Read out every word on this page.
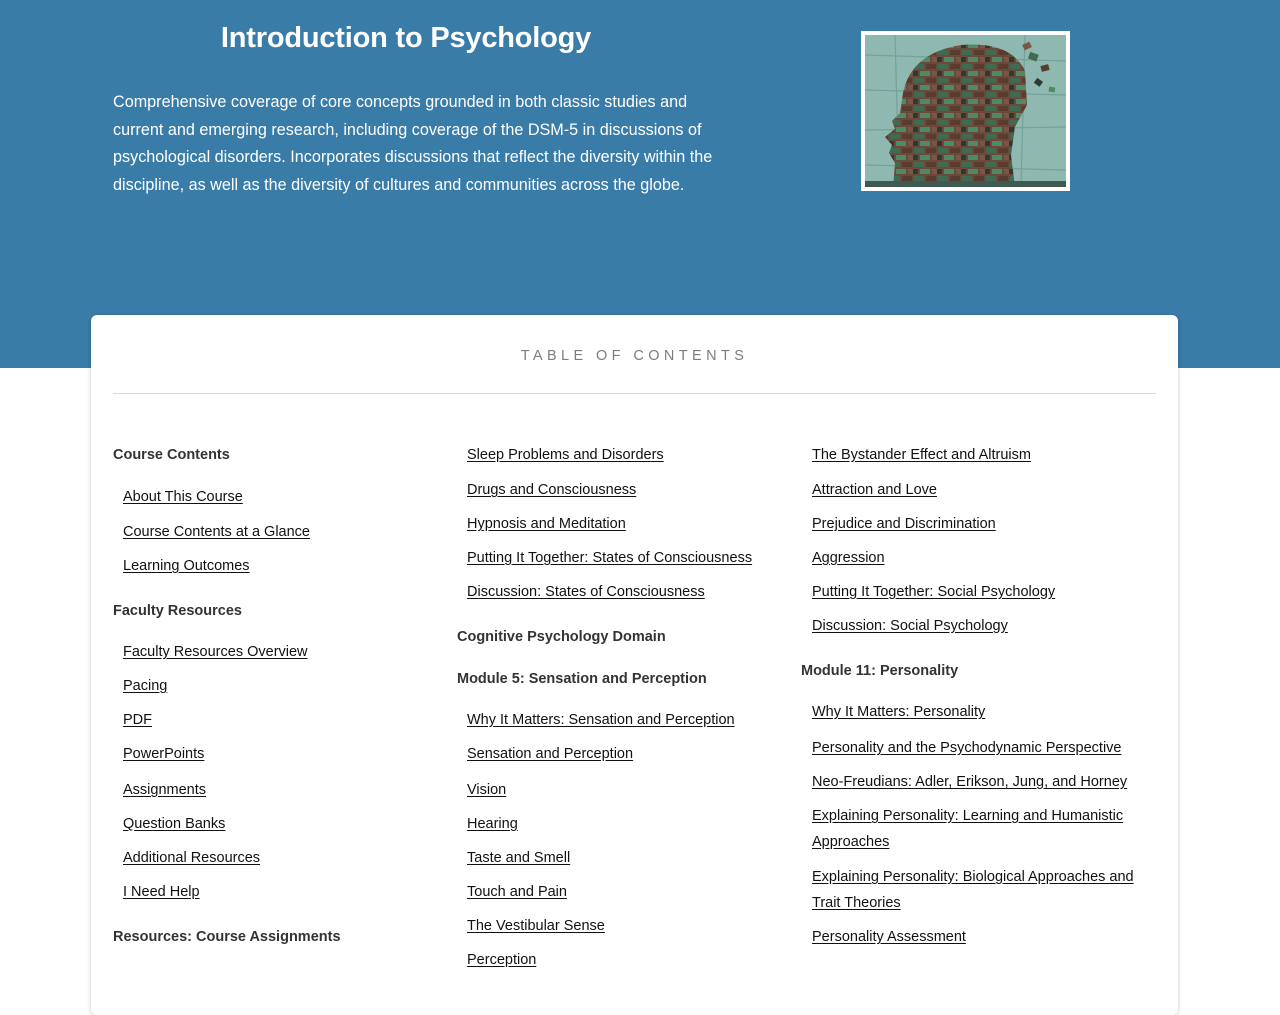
Introduction to Psychology

Comprehensive coverage of core concepts grounded in both classic studies and current and emerging research, including coverage of the DSM-5 in discussions of psychological disorders. Incorporates discussions that reflect the diversity within the discipline, as well as the diversity of cultures and communities across the globe.

TABLE OF CONTENTS
Course Contents
About This Course
Course Contents at a Glance
Learning Outcomes
Faculty Resources
Faculty Resources Overview
Pacing
PDF
PowerPoints
Assignments
Question Banks
Additional Resources
I Need Help
Resources: Course Assignments
Sleep Problems and Disorders
Drugs and Consciousness
Hypnosis and Meditation
Putting It Together: States of Consciousness
Discussion: States of Consciousness
Cognitive Psychology Domain
Module 5: Sensation and Perception
Why It Matters: Sensation and Perception
Sensation and Perception
Vision
Hearing
Taste and Smell
Touch and Pain
The Vestibular Sense
Perception
The Bystander Effect and Altruism
Attraction and Love
Prejudice and Discrimination
Aggression
Putting It Together: Social Psychology
Discussion: Social Psychology
Module 11: Personality
Why It Matters: Personality
Personality and the Psychodynamic Perspective
Neo-Freudians: Adler, Erikson, Jung, and Horney
Explaining Personality: Learning and Humanistic Approaches
Explaining Personality: Biological Approaches and Trait Theories
Personality Assessment
